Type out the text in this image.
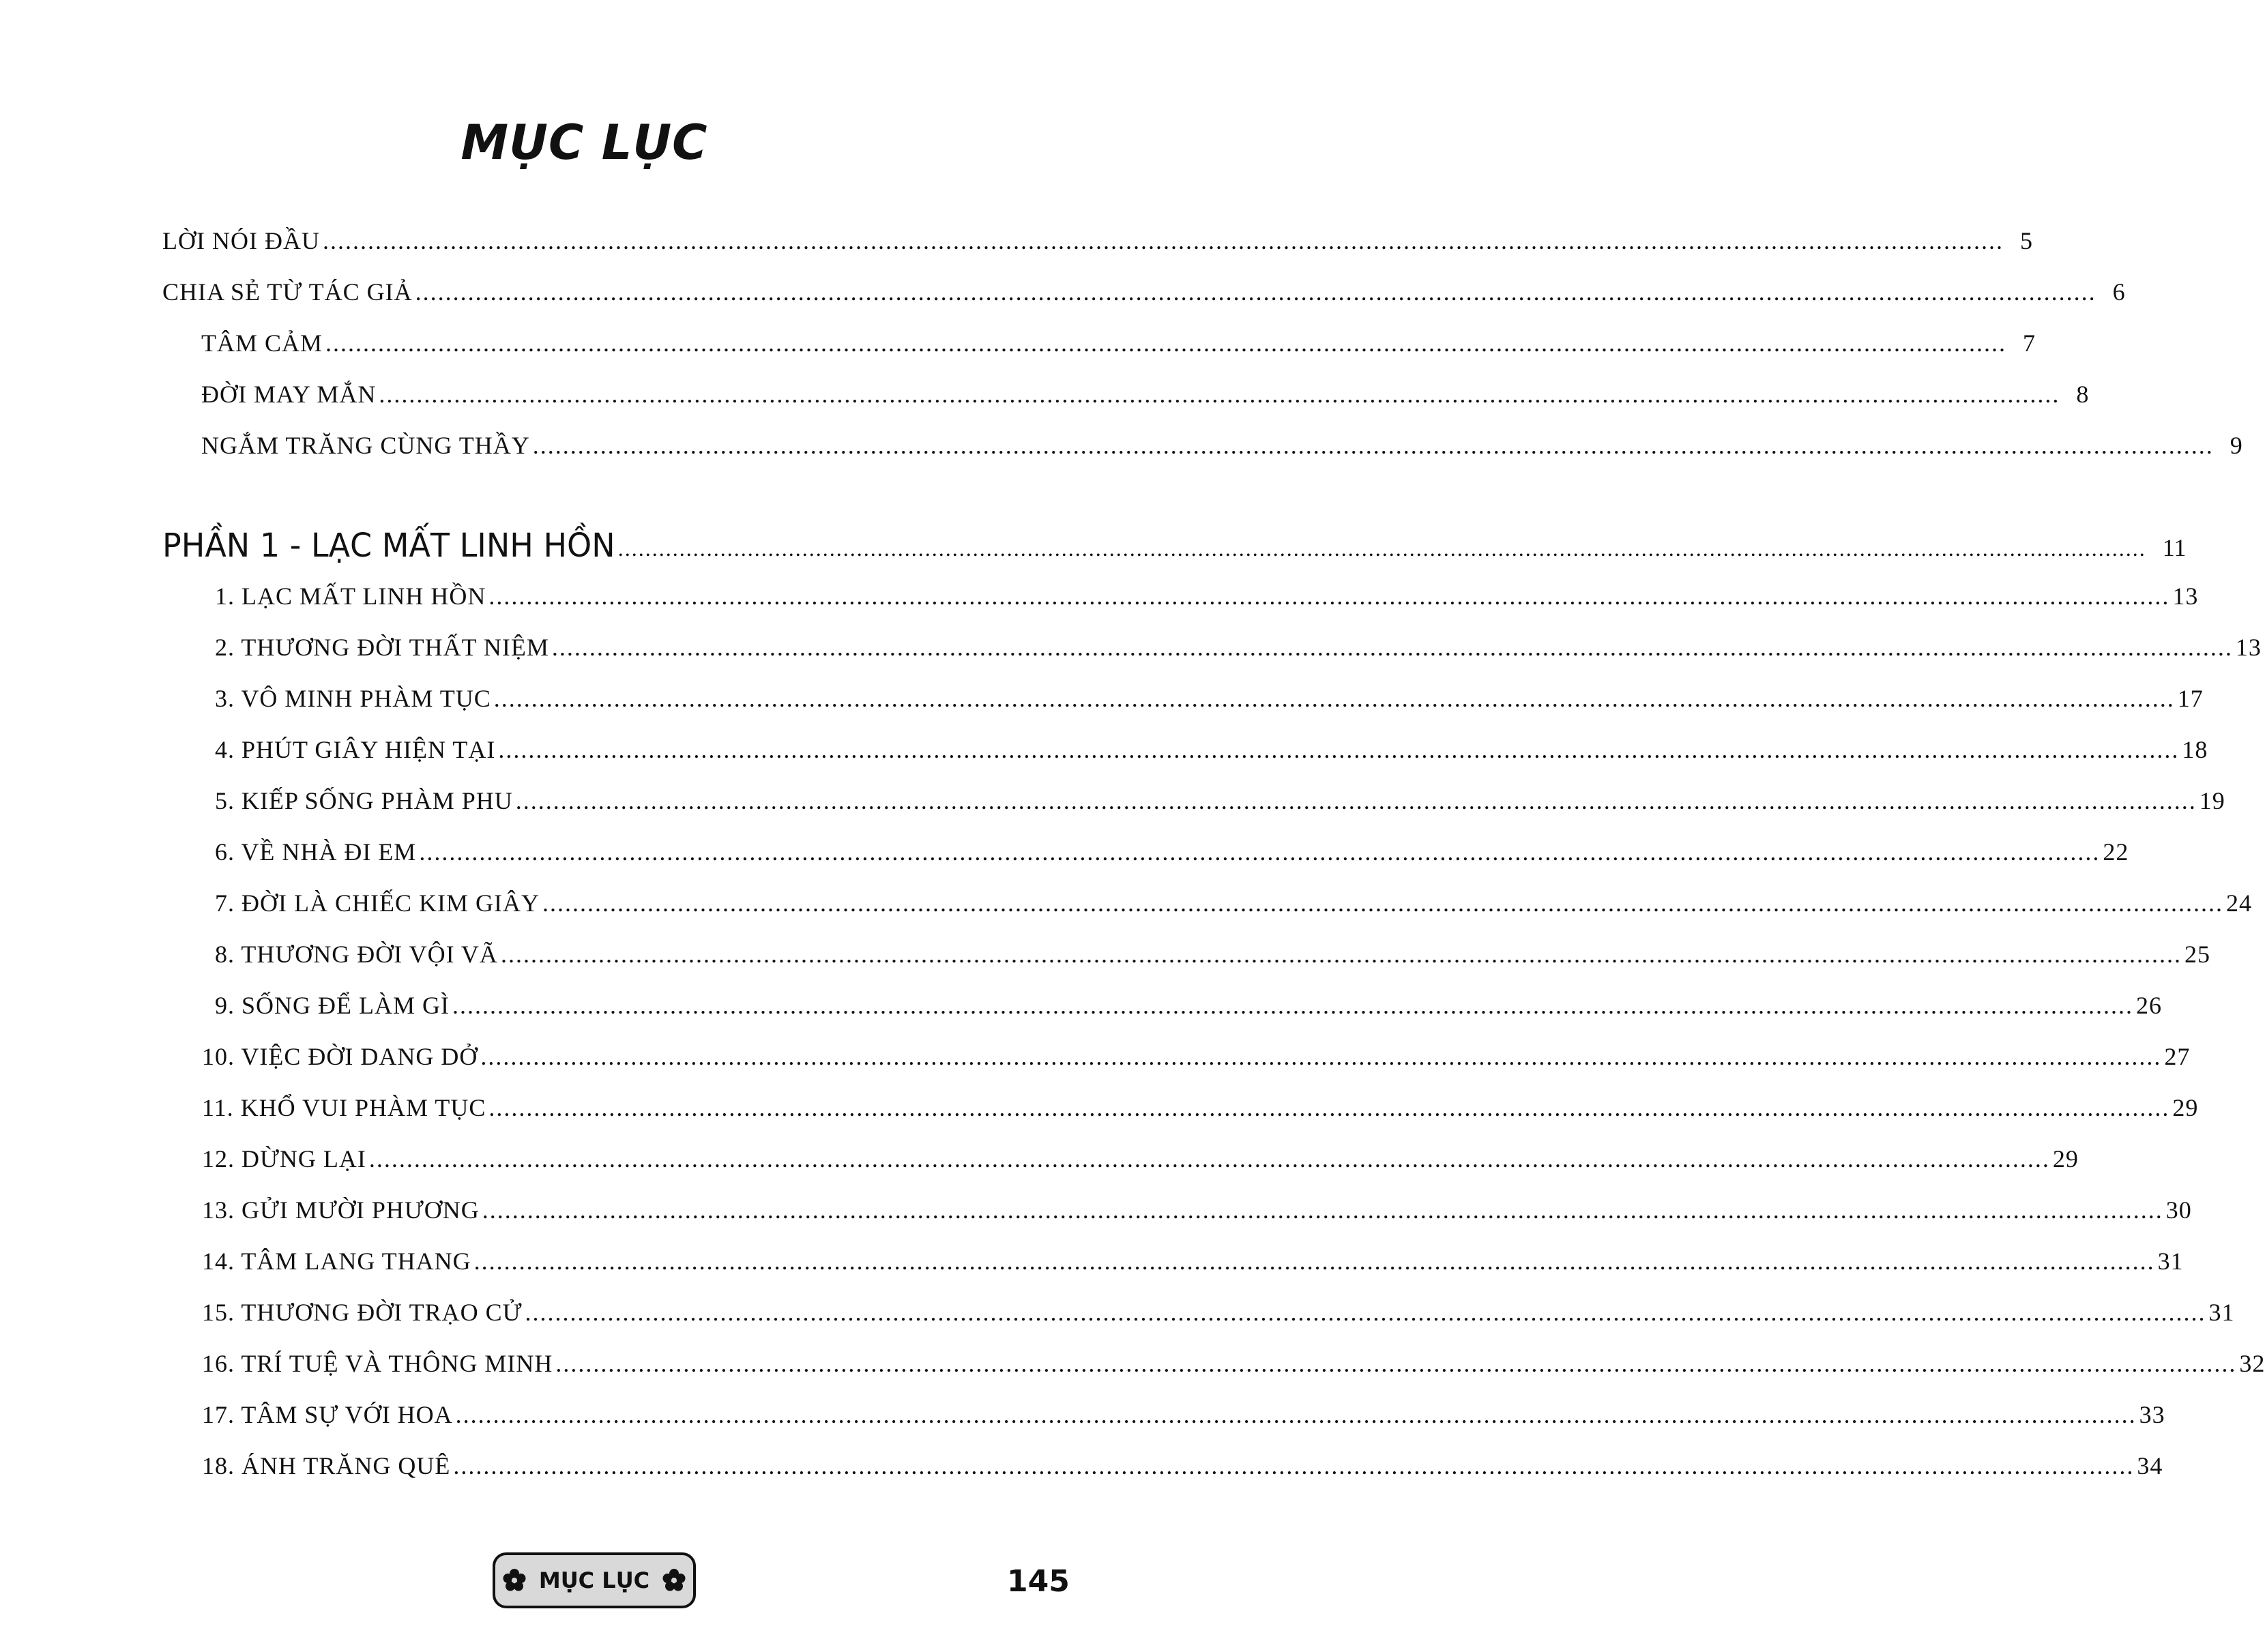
MỤC LỤC
LỜI NÓI ĐẦU .....	5
CHIA SẺ TỪ TÁC GIẢ .....	6
TÂM CẢM .....	7
ĐỜI MAY MẮN .....	8
NGẮM TRĂNG CÙNG THẦY .....	9
PHẦN 1 - LẠC MẤT LINH HỒN .....	11
1. LẠC MẤT LINH HỒN .....	13
2. THƯƠNG ĐỜI THẤT NIỆM .....	13
3. VÔ MINH PHÀM TỤC .....	17
4. PHÚT GIÂY HIỆN TẠI .....	18
5. KIẾP SỐNG PHÀM PHU .....	19
6. VỀ NHÀ ĐI EM .....	22
7. ĐỜI LÀ CHIẾC KIM GIÂY .....	24
8. THƯƠNG ĐỜI VỘI VÃ .....	25
9. SỐNG ĐỂ LÀM GÌ .....	26
10. VIỆC ĐỜI DANG DỞ .....	27
11. KHỔ VUI PHÀM TỤC .....	29
12. DỪNG LẠI .....	29
13. GỬI MƯỜI PHƯƠNG .....	30
14. TÂM LANG THANG .....	31
15. THƯƠNG ĐỜI TRẠO CỬ .....	31
16. TRÍ TUỆ VÀ THÔNG MINH .....	32
17. TÂM SỰ VỚI HOA .....	33
18. ÁNH TRĂNG QUÊ .....	34
MỤC LỤC	145
